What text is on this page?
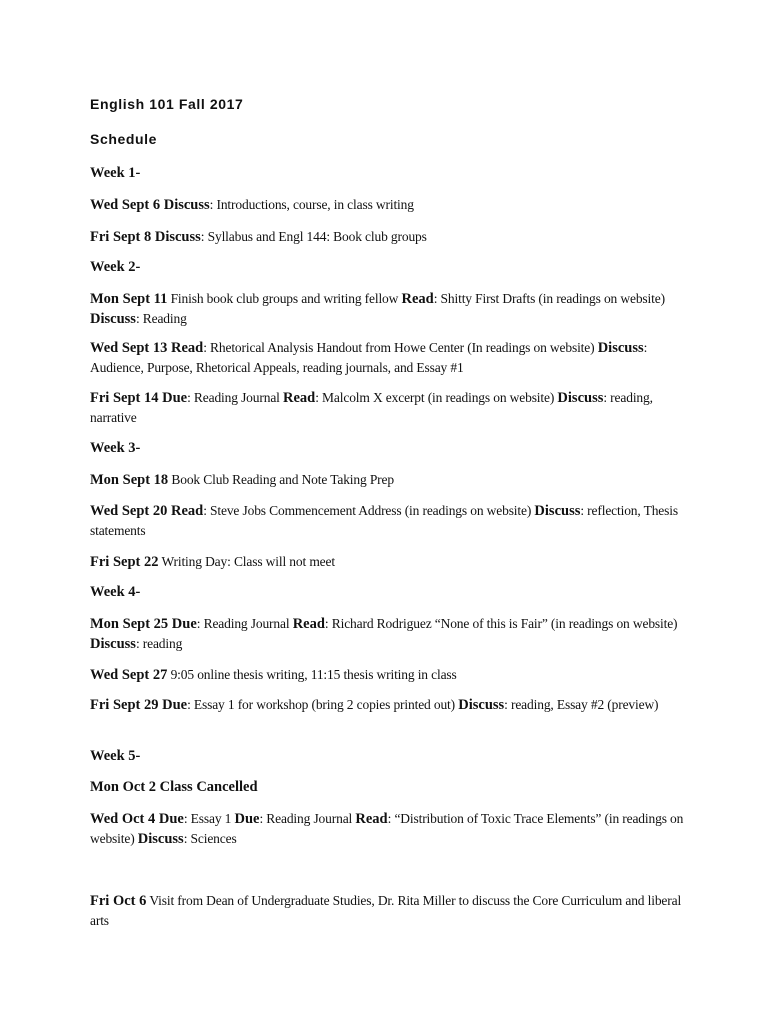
English 101 Fall 2017
Schedule

Week 1-

Wed Sept 6 Discuss: Introductions, course, in class writing

Fri Sept 8 Discuss: Syllabus and Engl 144: Book club groups

Week 2-

Mon Sept 11 Finish book club groups and writing fellow Read: Shitty First Drafts (in readings on website) Discuss: Reading

Wed Sept 13 Read: Rhetorical Analysis Handout from Howe Center (In readings on website) Discuss: Audience, Purpose, Rhetorical Appeals, reading journals, and Essay #1

Fri Sept 14 Due: Reading Journal Read: Malcolm X excerpt (in readings on website) Discuss: reading, narrative

Week 3-

Mon Sept 18 Book Club Reading and Note Taking Prep

Wed Sept 20 Read: Steve Jobs Commencement Address (in readings on website) Discuss: reflection, Thesis statements

Fri Sept 22 Writing Day: Class will not meet

Week 4-

Mon Sept 25 Due: Reading Journal Read: Richard Rodriguez “None of this is Fair” (in readings on website) Discuss: reading

Wed Sept 27 9:05 online thesis writing, 11:15 thesis writing in class

Fri Sept 29 Due: Essay 1 for workshop (bring 2 copies printed out) Discuss: reading, Essay #2 (preview)

Week 5-

Mon Oct 2 Class Cancelled

Wed Oct 4 Due: Essay 1 Due: Reading Journal Read: “Distribution of Toxic Trace Elements” (in readings on website) Discuss: Sciences

Fri Oct 6 Visit from Dean of Undergraduate Studies, Dr. Rita Miller to discuss the Core Curriculum and liberal arts
